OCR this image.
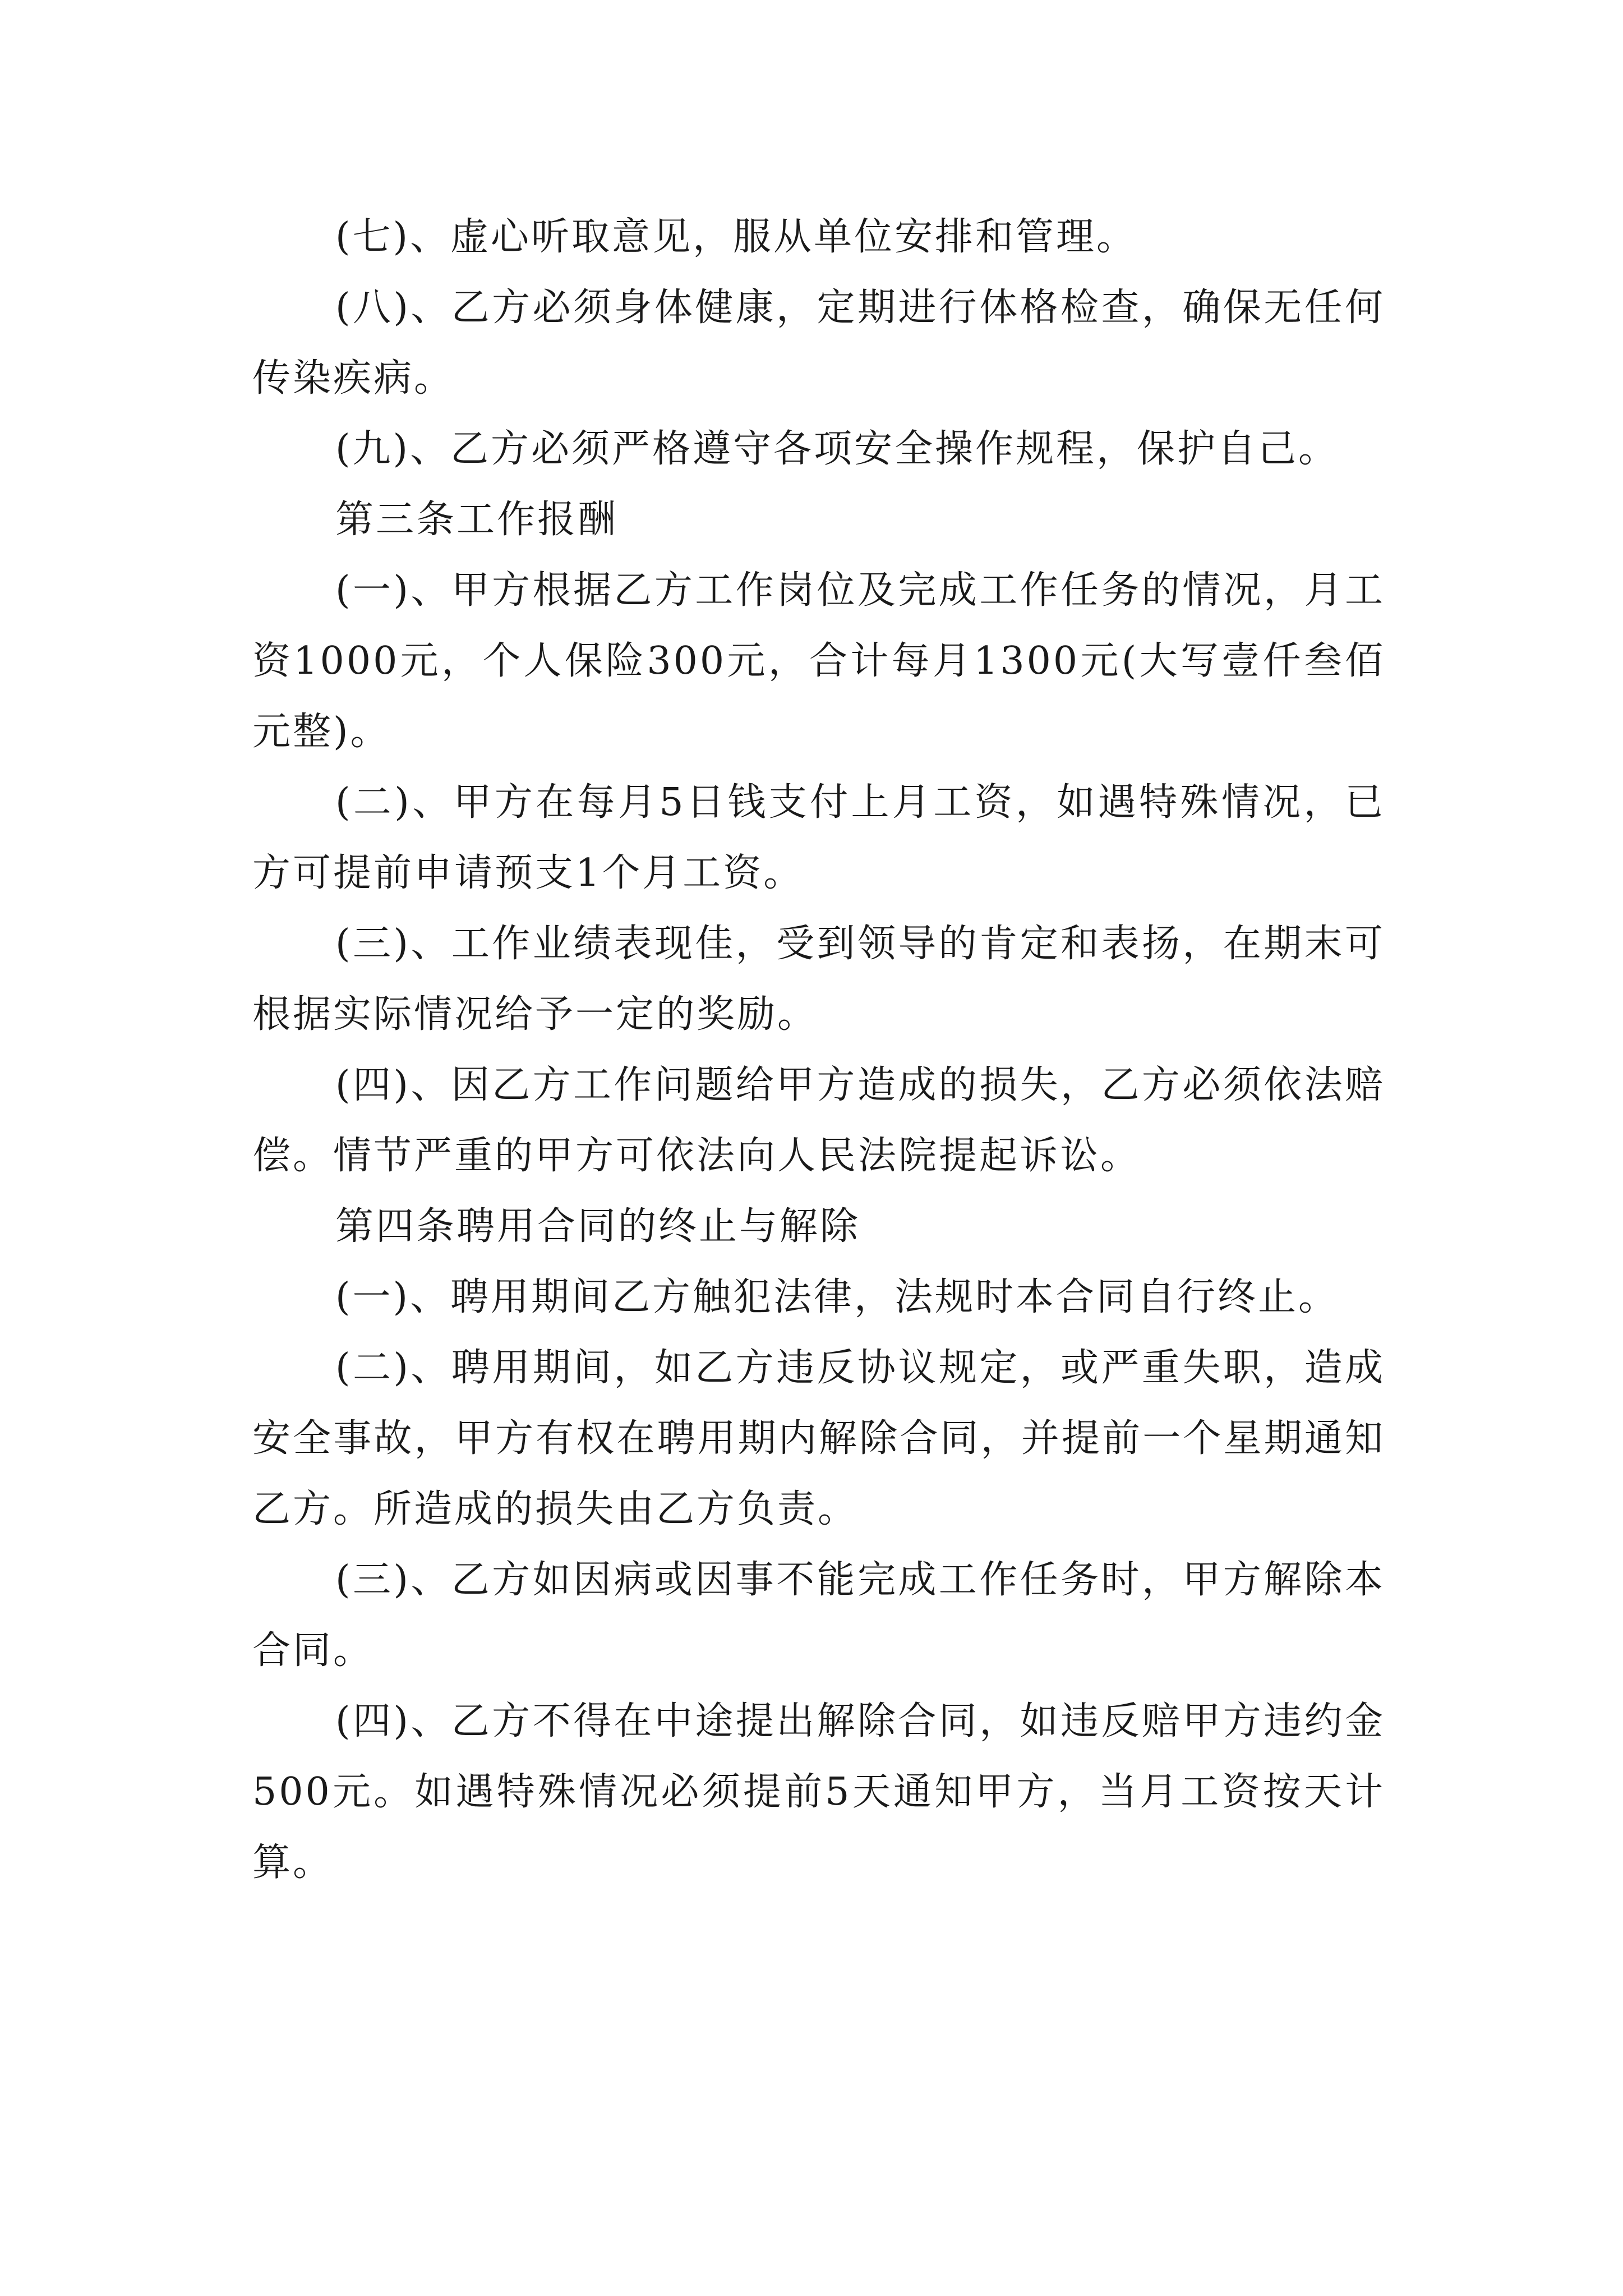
(七)、虚心听取意见，服从单位安排和管理。

(八)、乙方必须身体健康，定期进行体格检查，确保无任何传染疾病。

(九)、乙方必须严格遵守各项安全操作规程，保护自己。

第三条工作报酬

(一)、甲方根据乙方工作岗位及完成工作任务的情况，月工资1000元，个人保险300元，合计每月1300元(大写壹仟叁佰元整)。

(二)、甲方在每月5日钱支付上月工资，如遇特殊情况，已方可提前申请预支1个月工资。

(三)、工作业绩表现佳，受到领导的肯定和表扬，在期末可根据实际情况给予一定的奖励。

(四)、因乙方工作问题给甲方造成的损失，乙方必须依法赔偿。情节严重的甲方可依法向人民法院提起诉讼。

第四条聘用合同的终止与解除

(一)、聘用期间乙方触犯法律，法规时本合同自行终止。

(二)、聘用期间，如乙方违反协议规定，或严重失职，造成安全事故，甲方有权在聘用期内解除合同，并提前一个星期通知乙方。所造成的损失由乙方负责。

(三)、乙方如因病或因事不能完成工作任务时，甲方解除本合同。

(四)、乙方不得在中途提出解除合同，如违反赔甲方违约金500元。如遇特殊情况必须提前5天通知甲方，当月工资按天计算。
